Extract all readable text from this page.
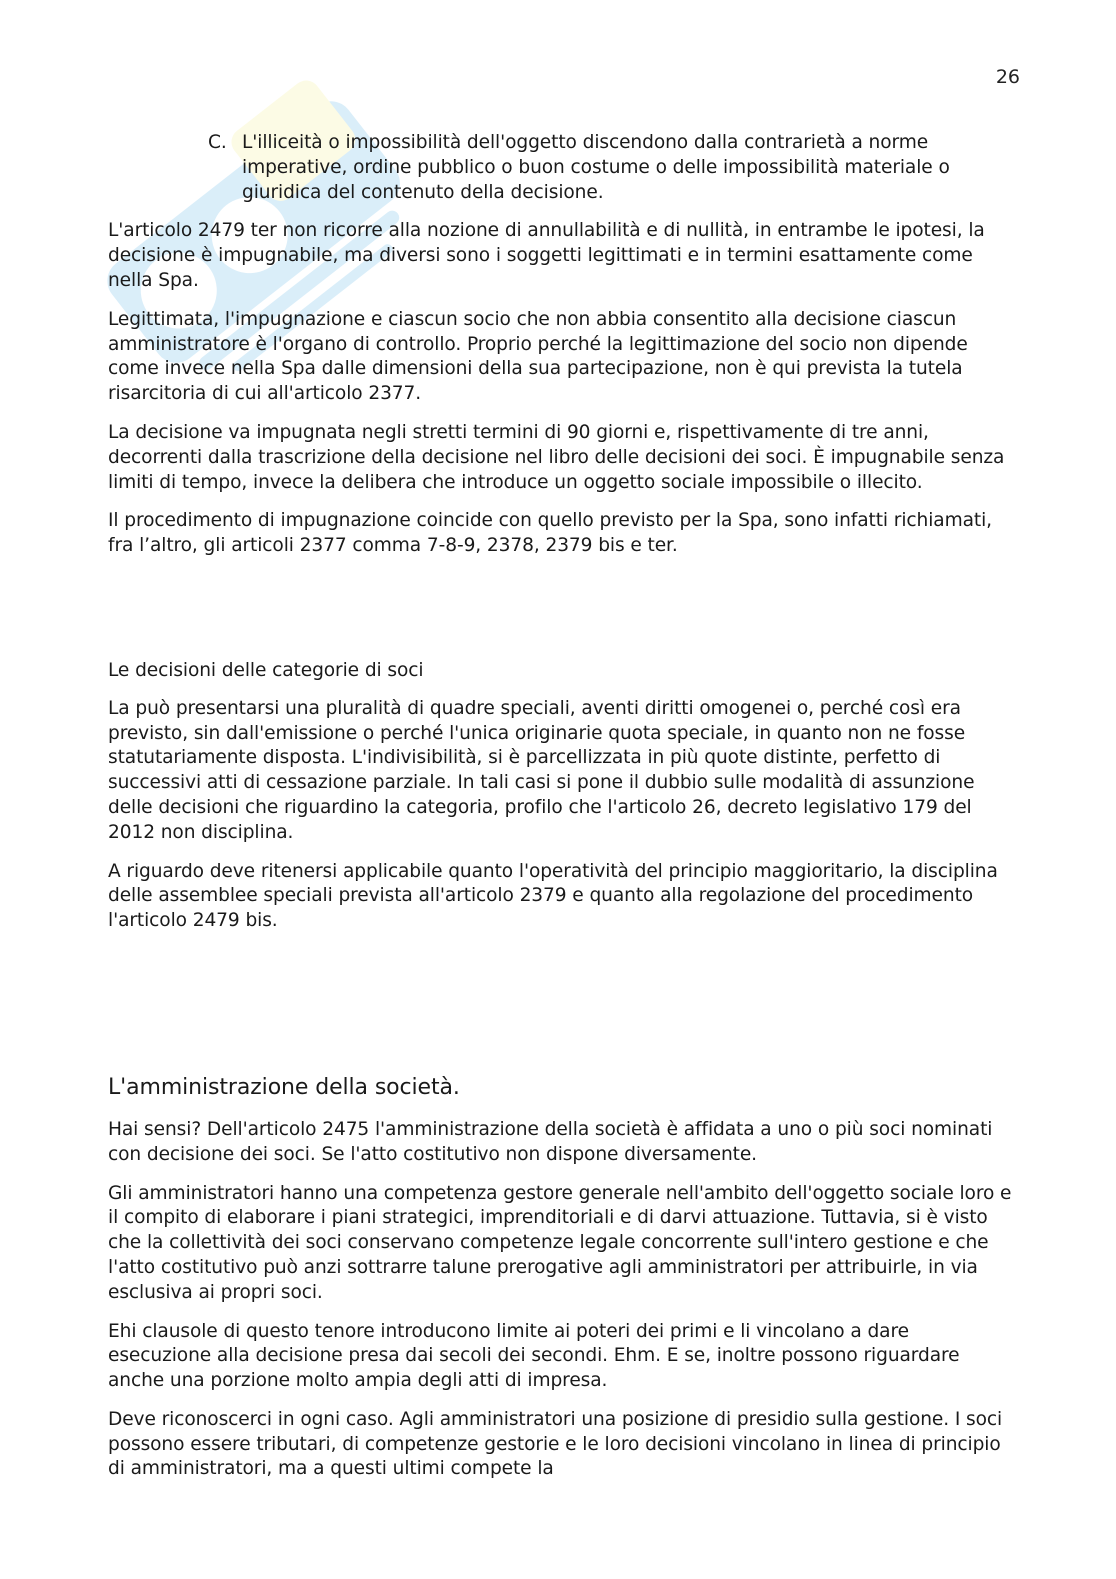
26
C. L'illiceità o impossibilità dell'oggetto discendono dalla contrarietà a norme imperative, ordine pubblico o buon costume o delle impossibilità materiale o giuridica del contenuto della decisione.

L'articolo 2479 ter non ricorre alla nozione di annullabilità e di nullità, in entrambe le ipotesi, la decisione è impugnabile, ma diversi sono i soggetti legittimati e in termini esattamente come nella Spa.

Legittimata, l'impugnazione e ciascun socio che non abbia consentito alla decisione ciascun amministratore è l'organo di controllo. Proprio perché la legittimazione del socio non dipende come invece nella Spa dalle dimensioni della sua partecipazione, non è qui prevista la tutela risarcitoria di cui all'articolo 2377.

La decisione va impugnata negli stretti termini di 90 giorni e, rispettivamente di tre anni, decorrenti dalla trascrizione della decisione nel libro delle decisioni dei soci. È impugnabile senza limiti di tempo, invece la delibera che introduce un oggetto sociale impossibile o illecito.

Il procedimento di impugnazione coincide con quello previsto per la Spa, sono infatti richiamati, fra l’altro, gli articoli 2377 comma 7-8-9, 2378, 2379 bis e ter.

Le decisioni delle categorie di soci

La può presentarsi una pluralità di quadre speciali, aventi diritti omogenei o, perché così era previsto, sin dall'emissione o perché l'unica originarie quota speciale, in quanto non ne fosse statutariamente disposta. L'indivisibilità, si è parcellizzata in più quote distinte, perfetto di successivi atti di cessazione parziale. In tali casi si pone il dubbio sulle modalità di assunzione delle decisioni che riguardino la categoria, profilo che l'articolo 26, decreto legislativo 179 del 2012 non disciplina.

A riguardo deve ritenersi applicabile quanto l'operatività del principio maggioritario, la disciplina delle assemblee speciali prevista all'articolo 2379 e quanto alla regolazione del procedimento l'articolo 2479 bis.

L'amministrazione della società.

Hai sensi? Dell'articolo 2475 l'amministrazione della società è affidata a uno o più soci nominati con decisione dei soci. Se l'atto costitutivo non dispone diversamente.

Gli amministratori hanno una competenza gestore generale nell'ambito dell'oggetto sociale loro e il compito di elaborare i piani strategici, imprenditoriali e di darvi attuazione. Tuttavia, si è visto che la collettività dei soci conservano competenze legale concorrente sull'intero gestione e che l'atto costitutivo può anzi sottrarre talune prerogative agli amministratori per attribuirle, in via esclusiva ai propri soci.

Ehi clausole di questo tenore introducono limite ai poteri dei primi e li vincolano a dare esecuzione alla decisione presa dai secoli dei secondi. Ehm. E se, inoltre possono riguardare anche una porzione molto ampia degli atti di impresa.

Deve riconoscerci in ogni caso. Agli amministratori una posizione di presidio sulla gestione. I soci possono essere tributari, di competenze gestorie e le loro decisioni vincolano in linea di principio di amministratori, ma a questi ultimi compete la
